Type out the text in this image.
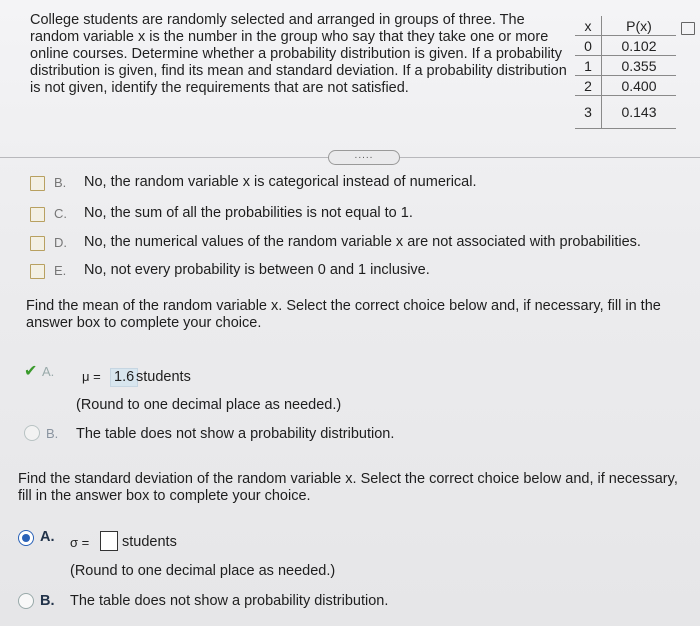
College students are randomly selected and arranged in groups of three. The random variable x is the number in the group who say that they take one or more online courses. Determine whether a probability distribution is given. If a probability distribution is given, find its mean and standard deviation. If a probability distribution is not given, identify the requirements that are not satisfied.
x	P(x)
0	0.102
1	0.355
2	0.400
3	0.143
.....
B. No, the random variable x is categorical instead of numerical.
C. No, the sum of all the probabilities is not equal to 1.
D. No, the numerical values of the random variable x are not associated with probabilities.
E. No, not every probability is between 0 and 1 inclusive.
Find the mean of the random variable x. Select the correct choice below and, if necessary, fill in the answer box to complete your choice.
✔ A. μ = 1.6 students
(Round to one decimal place as needed.)
B. The table does not show a probability distribution.
Find the standard deviation of the random variable x. Select the correct choice below and, if necessary, fill in the answer box to complete your choice.
A. σ = students
(Round to one decimal place as needed.)
B. The table does not show a probability distribution.
